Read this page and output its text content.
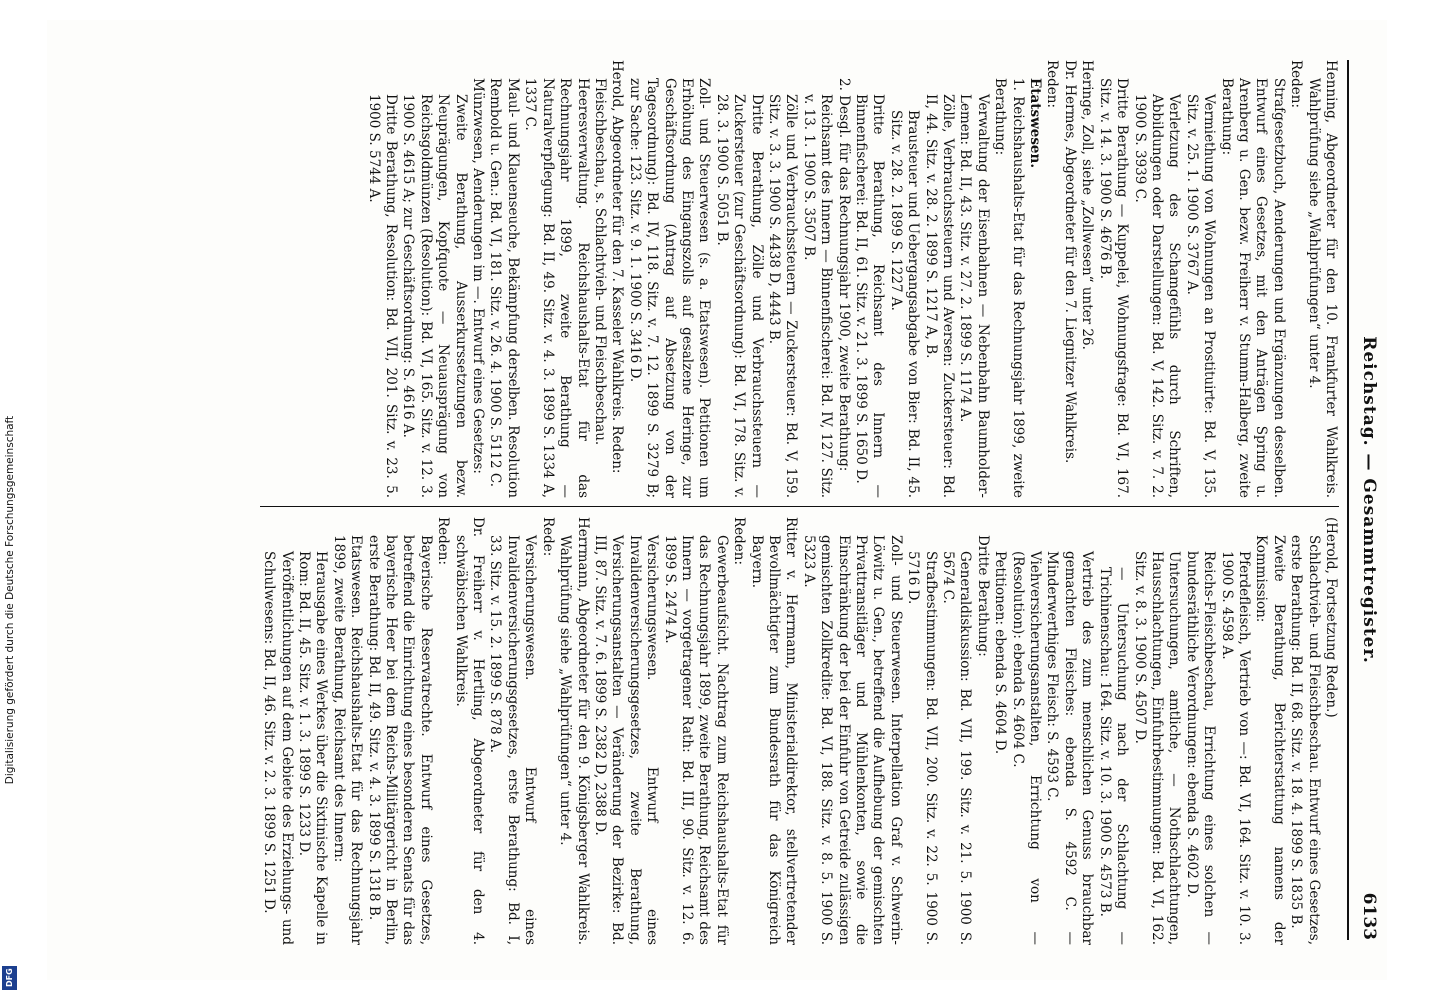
Reichstag. — Gesammtregister.
6133

Henning, Abgeordneter für den 10. Frankfurter Wahlkreis. Wahlprüfung siehe „Wahlprüfungen“ unter 4.

Reden:

Strafgesetzbuch, Aenderungen und Ergänzungen desselben. Entwurf eines Gesetzes, mit den Anträgen Spring u. Arenberg u. Gen. bezw. Freiherr v. Stumm-Halberg, zweite Berathung:

Vermiethung von Wohnungen an Prostituirte: Bd. V, 135. Sitz. v. 25. 1. 1900 S. 3767 A.

Verletzung des Schamgefühls durch Schriften, Abbildungen oder Darstellungen: Bd. V, 142. Sitz. v. 7. 2. 1900 S. 3939 C.

Dritte Berathung — Kuppelei, Wohnungsfrage: Bd. VI, 167. Sitz. v. 14. 3. 1900 S. 4676 B.

Heringe, Zoll, siehe „Zollwesen“ unter 26.

Dr. Hermes, Abgeordneter für den 7. Liegnitzer Wahlkreis.

Reden:

Etatswesen.

1. Reichshaushalts-Etat für das Rechnungsjahr 1899, zweite Berathung:

Verwaltung der Eisenbahnen — Nebenbahn Baumholder-Lemen: Bd. II, 43. Sitz. v. 27. 2. 1899 S. 1174 A.

Zölle, Verbrauchssteuern und Aversen: Zuckersteuer: Bd. II, 44. Sitz. v. 28. 2. 1899 S. 1217 A, B.

Brausteuer und Uebergangsabgabe von Bier: Bd. II, 45. Sitz. v. 28. 2. 1899 S. 1227 A.

Dritte Berathung, Reichsamt des Innern — Binnenfischerei: Bd. II, 61. Sitz. v. 21. 3. 1899 S. 1650 D.

2. Desgl. für das Rechnungsjahr 1900, zweite Berathung:

Reichsamt des Innern — Binnenfischerei: Bd. IV, 127. Sitz. v. 13. 1. 1900 S. 3507 B.

Zölle und Verbrauchssteuern — Zuckersteuer: Bd. V, 159. Sitz. v. 3. 3. 1900 S. 4438 D, 4443 B.

Dritte Berathung, Zölle und Verbrauchssteuern — Zuckersteuer (zur Geschäftsordnung): Bd. VI, 178. Sitz. v. 28. 3. 1900 S. 5051 B.

Zoll- und Steuerwesen (s. a. Etatswesen). Petitionen um Erhöhung des Eingangszolls auf gesalzene Heringe, zur Geschäftsordnung (Antrag auf Absetzung von der Tagesordnung): Bd. IV, 118. Sitz. v. 7. 12. 1899 S. 3279 B; zur Sache: 123. Sitz. v. 9. 1. 1900 S. 3416 D.

Herold, Abgeordneter für den 7. Kasseler Wahlkreis. Reden:

Fleischbeschau, s. Schlachtvieh- und Fleischbeschau.

Heeresverwaltung. Reichshaushalts-Etat für das Rechnungsjahr 1899, zweite Berathung — Naturalverpflegung: Bd. II, 49. Sitz. v. 4. 3. 1899 S. 1334 A, 1337 C.

Maul- und Klauenseuche, Bekämpfung derselben. Resolution Rembold u. Gen.: Bd. VI, 181. Sitz. v. 26. 4. 1900 S. 5112 C.

Münzwesen, Aenderungen im —. Entwurf eines Gesetzes:

Zweite Berathung, Ausserkurssetzungen bezw. Neuprägungen, Kopfquote — Neuausprägung von Reichsgoldmünzen (Resolution): Bd. VI, 165. Sitz. v. 12. 3. 1900 S. 4615 A; zur Geschäftsordnung: S. 4616 A.

Dritte Berathung, Resolution: Bd. VII, 201. Sitz. v. 23. 5. 1900 S. 5744 A.

(Herold, Fortsetzung Reden.)

Schlachtvieh- und Fleischbeschau. Entwurf eines Gesetzes, erste Berathung: Bd. II, 68. Sitz. v. 18. 4. 1899 S. 1835 B.

Zweite Berathung, Berichterstattung namens der Kommission:

Pferdefleisch, Vertrieb von —: Bd. VI, 164. Sitz. v. 10. 3. 1900 S. 4598 A.

Reichs-Fleischbeschau, Errichtung eines solchen — bundesräthliche Verordnungen: ebenda S. 4602 D.

Untersuchungen, amtliche, — Nothschlachtungen, Hausschlachtungen, Einfuhrbestimmungen: Bd. VI, 162. Sitz. v. 8. 3. 1900 S. 4507 D.

— Untersuchung nach der Schlachtung — Trichinenschau: 164. Sitz. v. 10. 3. 1900 S. 4573 B.

Vertrieb des zum menschlichen Genuss brauchbar gemachten Fleisches: ebenda S. 4592 C. — Minderwerthiges Fleisch: S. 4593 C.

Viehversicherungsanstalten, Errichtung von — (Resolution): ebenda S. 4604 C.

Petitionen: ebenda S. 4604 D.

Dritte Berathung:

Generaldiskussion: Bd. VII, 199. Sitz. v. 21. 5. 1900 S. 5674 C.

Strafbestimmungen: Bd. VII, 200. Sitz. v. 22. 5. 1900 S. 5716 D.

Zoll- und Steuerwesen. Interpellation Graf v. Schwerin-Löwitz u. Gen., betreffend die Aufhebung der gemischten Privattransitläger und Mühlenkonten, sowie die Einschränkung der bei der Einfuhr von Getreide zulässigen gemischten Zollkredite: Bd. VI, 188. Sitz. v. 8. 5. 1900 S. 5323 A.

Ritter v. Herrmann, Ministerialdirektor, stellvertretender Bevollmächtigter zum Bundesrath für das Königreich Bayern.

Reden:

Gewerbeaufsicht. Nachtrag zum Reichshaushalts-Etat für das Rechnungsjahr 1899, zweite Berathung, Reichsamt des Innern — vorgetragener Rath: Bd. III, 90. Sitz. v. 12. 6. 1899 S. 2474 A.

Versicherungswesen. Entwurf eines Invalidenversicherungsgesetzes, zweite Berathung, Versicherungsanstalten — Veränderung der Bezirke: Bd. III, 87. Sitz. v. 7. 6. 1899 S. 2382 D, 2388 D.

Herrmann, Abgeordneter für den 9. Königsberger Wahlkreis. Wahlprüfung siehe „Wahlprüfungen“ unter 4.

Rede:

Versicherungswesen. Entwurf eines Invalidenversicherungsgesetzes, erste Berathung: Bd. I, 33. Sitz. v. 15. 2. 1899 S. 878 A.

Dr. Freiherr v. Hertling, Abgeordneter für den 4. schwäbischen Wahlkreis.

Reden:

Bayerische Reservatrechte. Entwurf eines Gesetzes, betreffend die Einrichtung eines besonderen Senats für das bayerische Heer bei dem Reichs-Militärgericht in Berlin, erste Berathung: Bd. II, 49. Sitz. v. 4. 3. 1899 S. 1318 B.

Etatswesen. Reichshaushalts-Etat für das Rechnungsjahr 1899, zweite Berathung, Reichsamt des Innern:

Herausgabe eines Werkes über die Sixtinische Kapelle in Rom: Bd. II, 45. Sitz. v. 1. 3. 1899 S. 1233 D.

Veröffentlichungen auf dem Gebiete des Erziehungs- und Schulwesens: Bd. II, 46. Sitz. v. 2. 3. 1899 S. 1251 D.

Digitalisierung gefördert durch die Deutsche Forschungsgemeinschaft
DFG
